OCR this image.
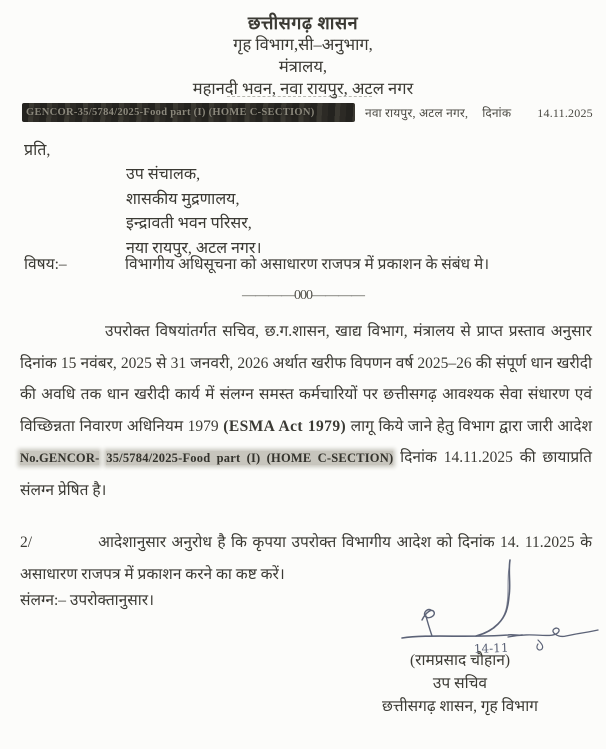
छत्तीसगढ़ शासन
गृह विभाग,सी–अनुभाग,
मंत्रालय,
महानदी भवन, नवा रायपुर, अटल नगर
GENCOR-35/5784/2025-Food part (I) (HOME C-SECTION)	नवा रायपुर, अटल नगर, दिनांक 14.11.2025
प्रति,
उप संचालक,
शासकीय मुद्रणालय,
इन्द्रावती भवन परिसर,
नया रायपुर, अटल नगर।
विषय:–	विभागीय अधिसूचना को असाधारण राजपत्र में प्रकाशन के संबंध मे।
————000————
उपरोक्त विषयांतर्गत सचिव, छ.ग.शासन, खाद्य विभाग, मंत्रालय से प्राप्त प्रस्ताव अनुसार दिनांक 15 नवंबर, 2025 से 31 जनवरी, 2026 अर्थात खरीफ विपणन वर्ष 2025–26 की संपूर्ण धान खरीदी की अवधि तक धान खरीदी कार्य में संलग्न समस्त कर्मचारियों पर छत्तीसगढ़ आवश्यक सेवा संधारण एवं विच्छिन्नता निवारण अधिनियम 1979 (ESMA Act 1979) लागू किये जाने हेतु विभाग द्वारा जारी आदेश No.GENCOR- 35/5784/2025-Food part (I) (HOME C-SECTION) दिनांक 14.11.2025 की छायाप्रति संलग्न प्रेषित है।
2/	आदेशानुसार अनुरोध है कि कृपया उपरोक्त विभागीय आदेश को दिनांक 14. 11.2025 के असाधारण राजपत्र में प्रकाशन करने का कष्ट करें।
संलग्न:– उपरोक्तानुसार।
14-11
(रामप्रसाद चौहान)
उप सचिव
छत्तीसगढ़ शासन, गृह विभाग
